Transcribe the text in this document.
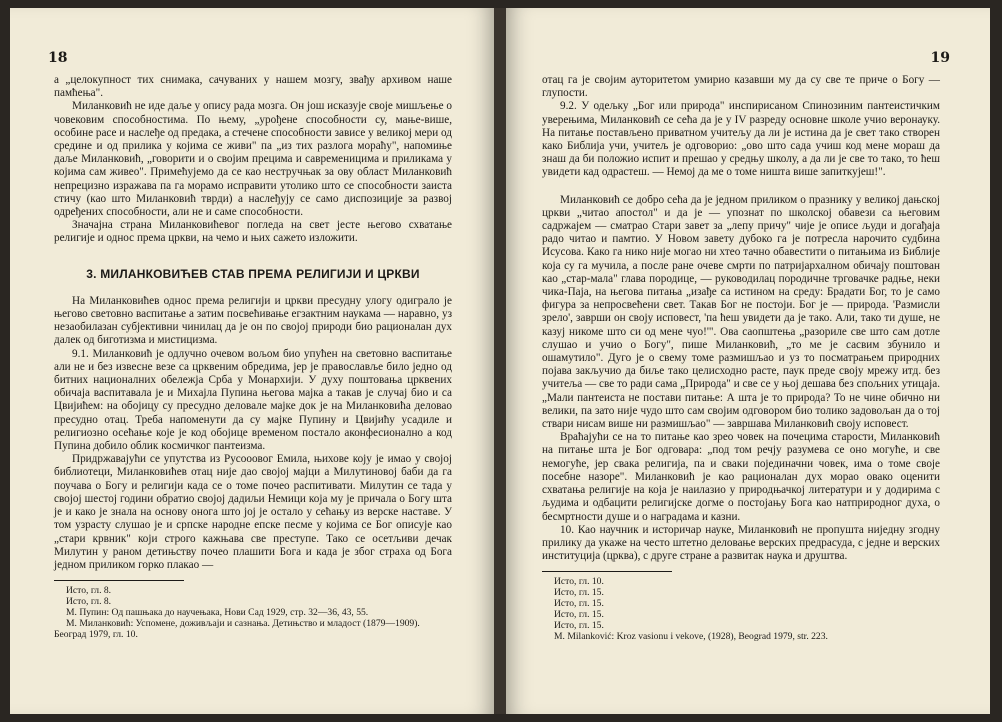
18

а „целокупност тих снимака, сачуваних у нашем мозгу, звађу архивом наше памћења".

Миланковић не иде даље у опису рада мозга. Он још исказује своје мишљење о човековим способностима. По њему, „урођене способности су, мање-више, особине расе и наслеђе од предака, а стечене способности зависе у великој мери од средине и од прилика у којима се живи" па „из тих разлога мораћу", напомиње даље Миланковић, „говорити и о својим прецима и савременицима и приликама у којима сам живео". Примећујемо да се као нестручњак за ову област Миланковић непрецизно изражава па га морамо исправити утолико што се способности заиста стичу (као што Миланковић тврди) а наслеђују се само диспозиције за развој одређених способности, али не и саме способности.

Значајна страна Миланковићевог погледа на свет јесте његово схватање религије и однос према цркви, на чемо и њих сажето изложити.

3. МИЛАНКОВИЋЕВ СТАВ ПРЕМА РЕЛИГИЈИ И ЦРКВИ

На Миланковићев однос према религији и цркви пресудну улогу одиграло је његово световно васпитање а затим посвећивање егзактним наукама — наравно, уз незаобилазан субјективни чинилац да је он по својој природи био рационалан дух далек од биготизма и мистицизма.

9.1. Миланковић је одлучно очевом вољом био упућен на световно васпитање али не и без извесне везе са црквеним обредима, јер је православље било једно од битних националних обележја Срба у Монархији. У духу поштовања црквених обичаја васпитавала је и Михајла Пупина његова мајка а такав је случај био и са Цвијићем: на обојицу су пресудно деловале мајке док је на Миланковића деловао пресудно отац. Треба напоменути да су мајке Пупину и Цвијићу усадиле и религиозно осећање које је код обојице временом постало аконфесионално а код Пупина добило облик космичког пантеизма.

Придржавајући се упутства из Русооовог Емила, њихове коју је имао у својој библиотеци, Миланковићев отац није дао својој мајци а Милутиновој баби да га поучава о Богу и религији када се о томе почео распитивати. Милутин се тада у својој шестој години обратио својој дадиљи Немици која му је причала о Богу шта је и како је знала на основу онога што јој је остало у сећању из верске наставе. У том узрасту слушао је и српске народне епске песме у којима се Бог описује као „стари крвник" који строго кажњава све преступе. Тако се осетљиви дечак Милутин у раном детињству почео плашити Бога и када је због страха од Бога једном приликом горко плакао —

Исто, гл. 8.
Исто, гл. 8.
М. Пупин: Од пашњака до научењака, Нови Сад 1929, стр. 32—36, 43, 55.
М. Миланковић: Успомене, доживљаји и сазнања. Детињство и младост (1879—1909). Београд 1979, гл. 10.
19

отац га је својим ауторитетом умирио казавши му да су све те приче о Богу — глупости.

9.2. У одељку „Бог или природа" инспирисаном Спинозиним пантеистичким уверењима, Миланковић се сећа да је у IV разреду основне школе учио веронауку. На питање постављено приватном учитељу да ли је истина да је свет тако створен како Библија учи, учитељ је одговорио: „ово што сада учиш код мене мораш да знаш да би положио испит и прешао у средњу школу, а да ли је све то тако, то ћеш увидети кад одрастеш. — Немој да ме о томе ништа више запиткујеш!".

Миланковић се добро сећа да је једном приликом о празнику у великој дањској цркви „читао апостол" и да је — упознат по школској обавези са његовим садржајем — сматрао Стари завет за „лепу причу" чије је описе људи и догађаја радо читао и памтио. У Новом завету дубоко га је потресла нарочито судбина Исусова. Како га нико није могао ни хтео тачно обавестити о питањима из Библије која су га мучила, а после ране очеве смрти по патријархалном обичају поштован као „стар-мала" глава породице, — руководилац породичне трговачке радње, неки чика-Паја, на његова питања „изађе са истином на среду: Брадати Бог, то је само фигура за непросвећени свет. Такав Бог не постоји. Бог је — природа. 'Размисли зрело', заврши он своју исповест, 'па ћеш увидети да је тако. Али, тако ти душе, не казуј никоме што си од мене чуо!'". Ова саопштења „разориле све што сам дотле слушао и учио о Богу", пише Миланковић, „то ме је сасвим збунило и ошамутило". Дуго је о свему томе размишљао и уз то посматрањем природних појава закључио да биље тако целисходно расте, паук преде своју мрежу итд. без учитеља — све то ради сама „Природа" и све се у њој дешава без спољних утицаја. „Мали пантеиста не постави питање: А шта је то природа? То не чине обично ни велики, па зато није чудо што сам својим одговором био толико задовољан да о тој ствари нисам више ни размишљао" — завршава Миланковић своју исповест.

Враћајући се на то питање као зрео човек на почецима старости, Миланковић на питање шта је Бог одговара: „под том речју разумева се оно могуће, и све немогуће, јер свака религија, па и сваки појединачни човек, има о томе своје посебне назоре". Миланковић је као рационалан дух морао овако оценити схватања религије на која је наилазио у природњачкој литератури и у додирима с људима и одбацити религијске догме о постојању Бога као натприродног духа, о бесмртности душе и о наградама и казни.

10. Као научник и историчар науке, Миланковић не пропушта ниједну згодну прилику да укаже на често штетно деловање верских предрасуда, с једне и верских институција (црква), с друге стране а развитак наука и друштва.

Исто, гл. 10.
Исто, гл. 15.
Исто, гл. 15.
Исто, гл. 15.
Исто, гл. 15.
M. Milanković: Kroz vasionu i vekove, (1928), Beograd 1979, str. 223.
